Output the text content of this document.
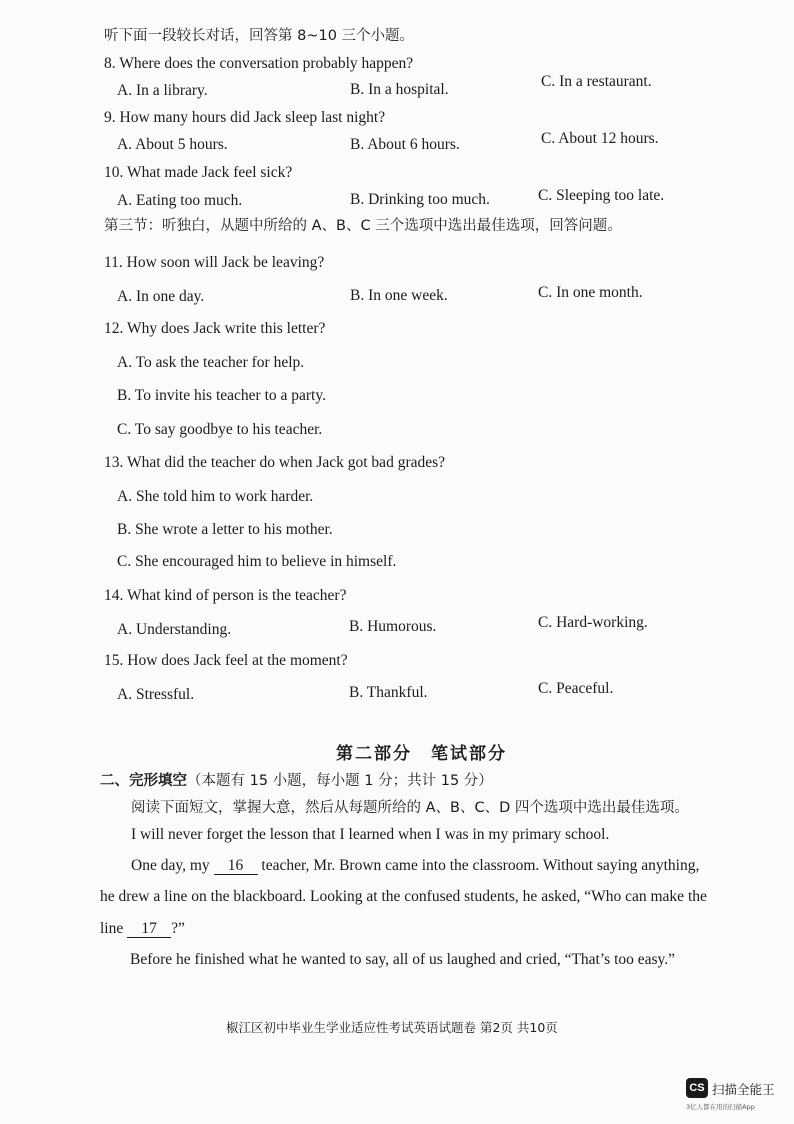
听下面一段较长对话，回答第 8~10 三个小题。
8. Where does the conversation probably happen?
A. In a library.	B. In a hospital.	C. In a restaurant.
9. How many hours did Jack sleep last night?
A. About 5 hours.	B. About 6 hours.	C. About 12 hours.
10. What made Jack feel sick?
A. Eating too much.	B. Drinking too much.	C. Sleeping too late.
第三节：听独白，从题中所给的 A、B、C 三个选项中选出最佳选项，回答问题。
11. How soon will Jack be leaving?
A. In one day.	B. In one week.	C. In one month.
12. Why does Jack write this letter?
A. To ask the teacher for help.
B. To invite his teacher to a party.
C. To say goodbye to his teacher.
13. What did the teacher do when Jack got bad grades?
A. She told him to work harder.
B. She wrote a letter to his mother.
C. She encouraged him to believe in himself.
14. What kind of person is the teacher?
A. Understanding.	B. Humorous.	C. Hard-working.
15. How does Jack feel at the moment?
A. Stressful.	B. Thankful.	C. Peaceful.
第二部分　笔试部分
二、完形填空（本题有 15 小题，每小题 1 分；共计 15 分）
阅读下面短文，掌握大意，然后从每题所给的 A、B、C、D 四个选项中选出最佳选项。
I will never forget the lesson that I learned when I was in my primary school.
One day, my 16 teacher, Mr. Brown came into the classroom. Without saying anything,
he drew a line on the blackboard. Looking at the confused students, he asked, “Who can make the
line 17 ?”
Before he finished what he wanted to say, all of us laughed and cried, “That’s too easy.”
椒江区初中毕业生学业适应性考试英语试题卷 第2页 共10页
CS 扫描全能王
3亿人都在用的扫描App
